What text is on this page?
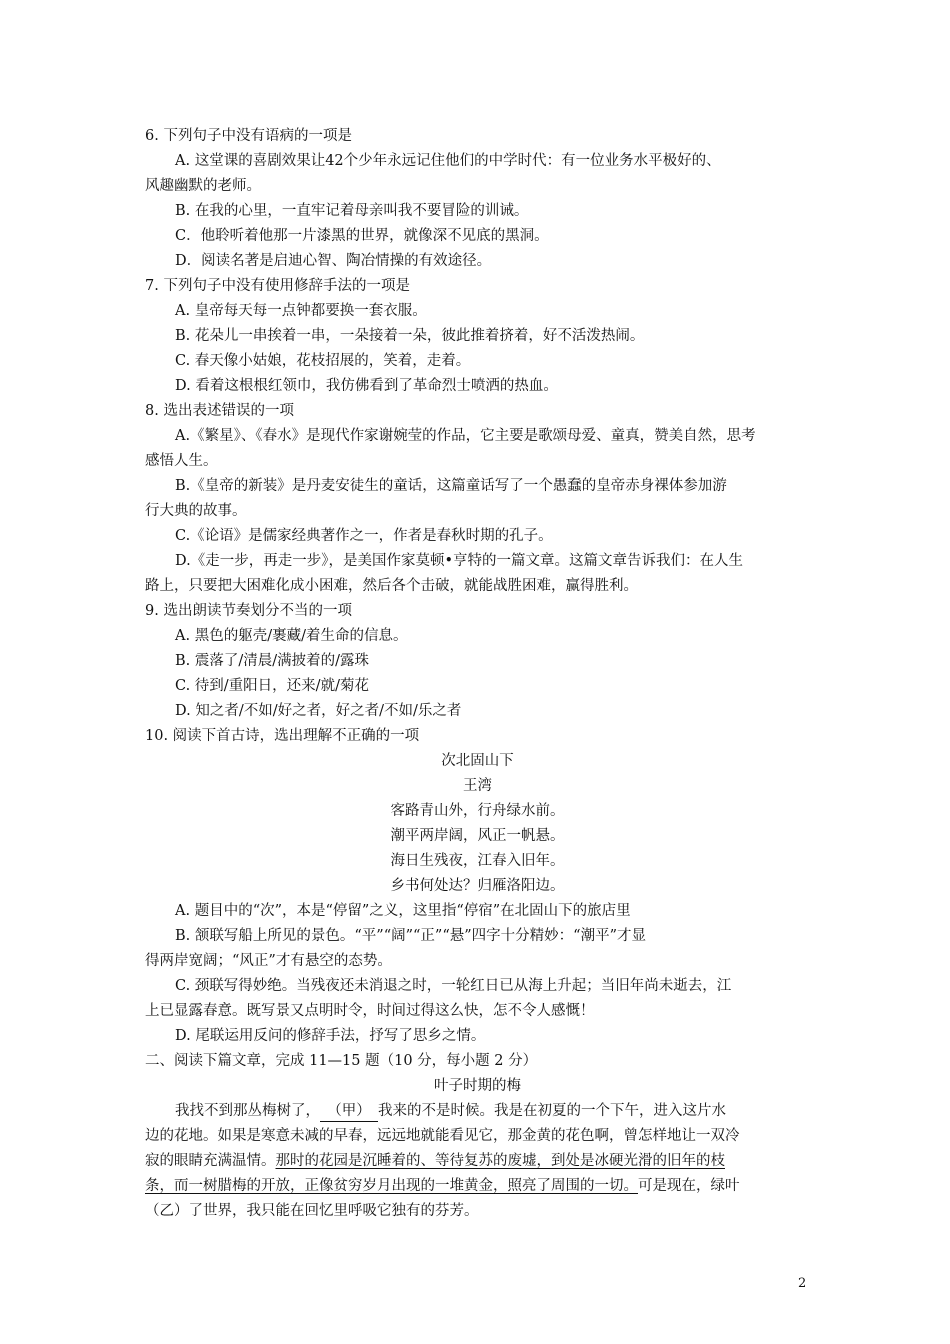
6. 下列句子中没有语病的一项是
A. 这堂课的喜剧效果让42个少年永远记住他们的中学时代：有一位业务水平极好的、
风趣幽默的老师。
B. 在我的心里，一直牢记着母亲叫我不要冒险的训诫。
C．他聆听着他那一片漆黑的世界，就像深不见底的黑洞。
D．阅读名著是启迪心智、陶冶情操的有效途径。
7. 下列句子中没有使用修辞手法的一项是
A. 皇帝每天每一点钟都要换一套衣服。
B. 花朵儿一串挨着一串，一朵接着一朵，彼此推着挤着，好不活泼热闹。
C. 春天像小姑娘，花枝招展的，笑着，走着。
D. 看着这根根红领巾，我仿佛看到了革命烈士喷洒的热血。
8. 选出表述错误的一项
A.《繁星》、《春水》是现代作家谢婉莹的作品，它主要是歌颂母爱、童真，赞美自然，思考
感悟人生。
B.《皇帝的新装》是丹麦安徒生的童话，这篇童话写了一个愚蠢的皇帝赤身裸体参加游
行大典的故事。
C.《论语》是儒家经典著作之一，作者是春秋时期的孔子。
D.《走一步，再走一步》，是美国作家莫顿•亨特的一篇文章。这篇文章告诉我们：在人生
路上，只要把大困难化成小困难，然后各个击破，就能战胜困难，赢得胜利。
9. 选出朗读节奏划分不当的一项
A. 黑色的躯壳/裹藏/着生命的信息。
B. 震落了/清晨/满披着的/露珠
C. 待到/重阳日，还来/就/菊花
D. 知之者/不如/好之者，好之者/不如/乐之者
10. 阅读下首古诗，选出理解不正确的一项
次北固山下
王湾
客路青山外，行舟绿水前。
潮平两岸阔，风正一帆悬。
海日生残夜，江春入旧年。
乡书何处达？归雁洛阳边。
A. 题目中的“次”，本是“停留”之义，这里指“停宿”在北固山下的旅店里
B. 颔联写船上所见的景色。“平”“阔”“正”“悬”四字十分精妙：“潮平”才显
得两岸宽阔；“风正”才有悬空的态势。
C. 颈联写得妙绝。当残夜还未消退之时，一轮红日已从海上升起；当旧年尚未逝去，江
上已显露春意。既写景又点明时令，时间过得这么快，怎不令人感慨！
D. 尾联运用反问的修辞手法，抒写了思乡之情。
二、阅读下篇文章，完成 11—15 题（10 分，每小题 2 分）
叶子时期的梅
我找不到那丛梅树了， （甲） 我来的不是时候。我是在初夏的一个下午，进入这片水
边的花地。如果是寒意未减的早春，远远地就能看见它，那金黄的花色啊，曾怎样地让一双冷
寂的眼睛充满温情。那时的花园是沉睡着的、等待复苏的废墟，到处是冰硬光滑的旧年的枝
条，而一树腊梅的开放，正像贫穷岁月出现的一堆黄金，照亮了周围的一切。可是现在，绿叶
（乙）了世界，我只能在回忆里呼吸它独有的芬芳。
2
